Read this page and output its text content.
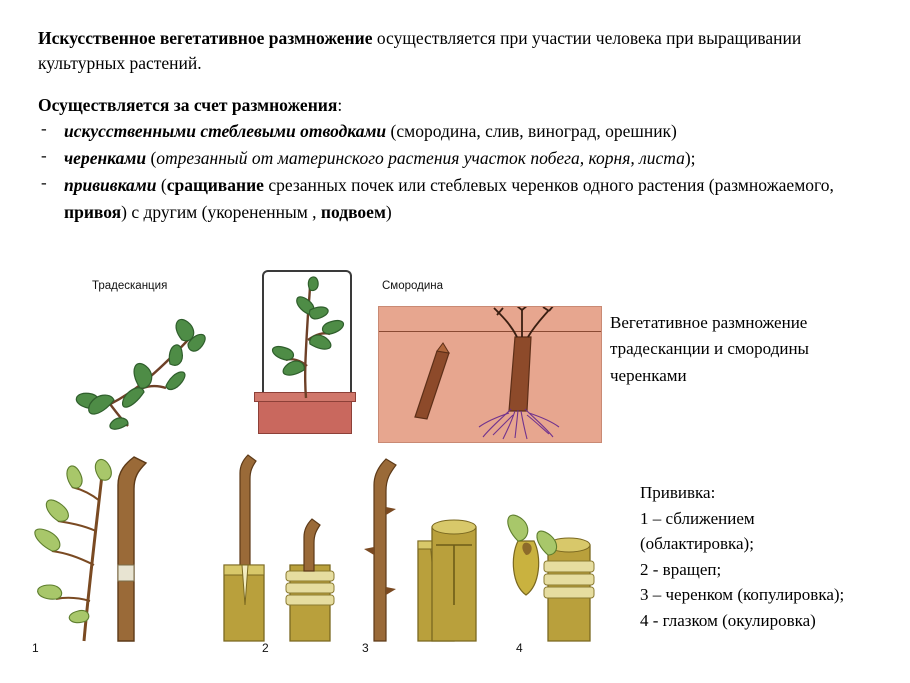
Искусственное вегетативное размножение осуществляется при участии человека при выращивании культурных растений.

Осуществляется за счет размножения:

- искусственными стеблевыми отводками (смородина, слив, виноград, орешник)
- черенками (отрезанный от материнского растения участок побега, корня, листа);
- прививками (сращивание срезанных почек или стеблевых черенков одного растения (размножаемого, привоя) с другим (укорененным , подвоем)
Традесканция	Смородина
Вегетативное размножение
традесканции и смородины
черенками
1	2	3	4
Прививка:
1 – сближением
(облактировка);
2 - вращеп;
3 – черенком (копулировка);
4 - глазком (окулировка)
